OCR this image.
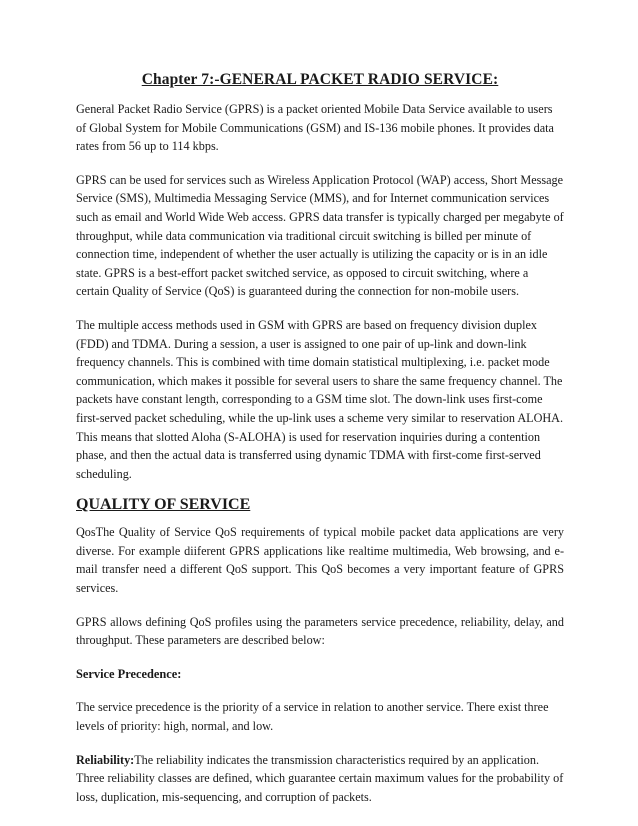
Chapter 7:-GENERAL PACKET RADIO SERVICE:

General Packet Radio Service (GPRS) is a packet oriented Mobile Data Service available to users of Global System for Mobile Communications (GSM) and IS-136 mobile phones. It provides data rates from 56 up to 114 kbps.

GPRS can be used for services such as Wireless Application Protocol (WAP) access, Short Message Service (SMS), Multimedia Messaging Service (MMS), and for Internet communication services such as email and World Wide Web access. GPRS data transfer is typically charged per megabyte of throughput, while data communication via traditional circuit switching is billed per minute of connection time, independent of whether the user actually is utilizing the capacity or is in an idle state. GPRS is a best-effort packet switched service, as opposed to circuit switching, where a certain Quality of Service (QoS) is guaranteed during the connection for non-mobile users.

The multiple access methods used in GSM with GPRS are based on frequency division duplex (FDD) and TDMA. During a session, a user is assigned to one pair of up-link and down-link frequency channels. This is combined with time domain statistical multiplexing, i.e. packet mode communication, which makes it possible for several users to share the same frequency channel. The packets have constant length, corresponding to a GSM time slot. The down-link uses first-come first-served packet scheduling, while the up-link uses a scheme very similar to reservation ALOHA. This means that slotted Aloha (S-ALOHA) is used for reservation inquiries during a contention phase, and then the actual data is transferred using dynamic TDMA with first-come first-served scheduling.

QUALITY OF SERVICE

QosThe Quality of Service QoS requirements of typical mobile packet data applications are very diverse. For example diiferent GPRS applications like realtime multimedia, Web browsing, and e-mail transfer need a different QoS support. This QoS becomes a very important feature of GPRS services.

GPRS allows defining QoS profiles using the parameters service precedence, reliability, delay, and throughput. These parameters are described below:

Service Precedence:

The service precedence is the priority of a service in relation to another service. There exist three levels of priority: high, normal, and low.

Reliability:The reliability indicates the transmission characteristics required by an application. Three reliability classes are defined, which guarantee certain maximum values for the probability of loss, duplication, mis-sequencing, and corruption of packets.
